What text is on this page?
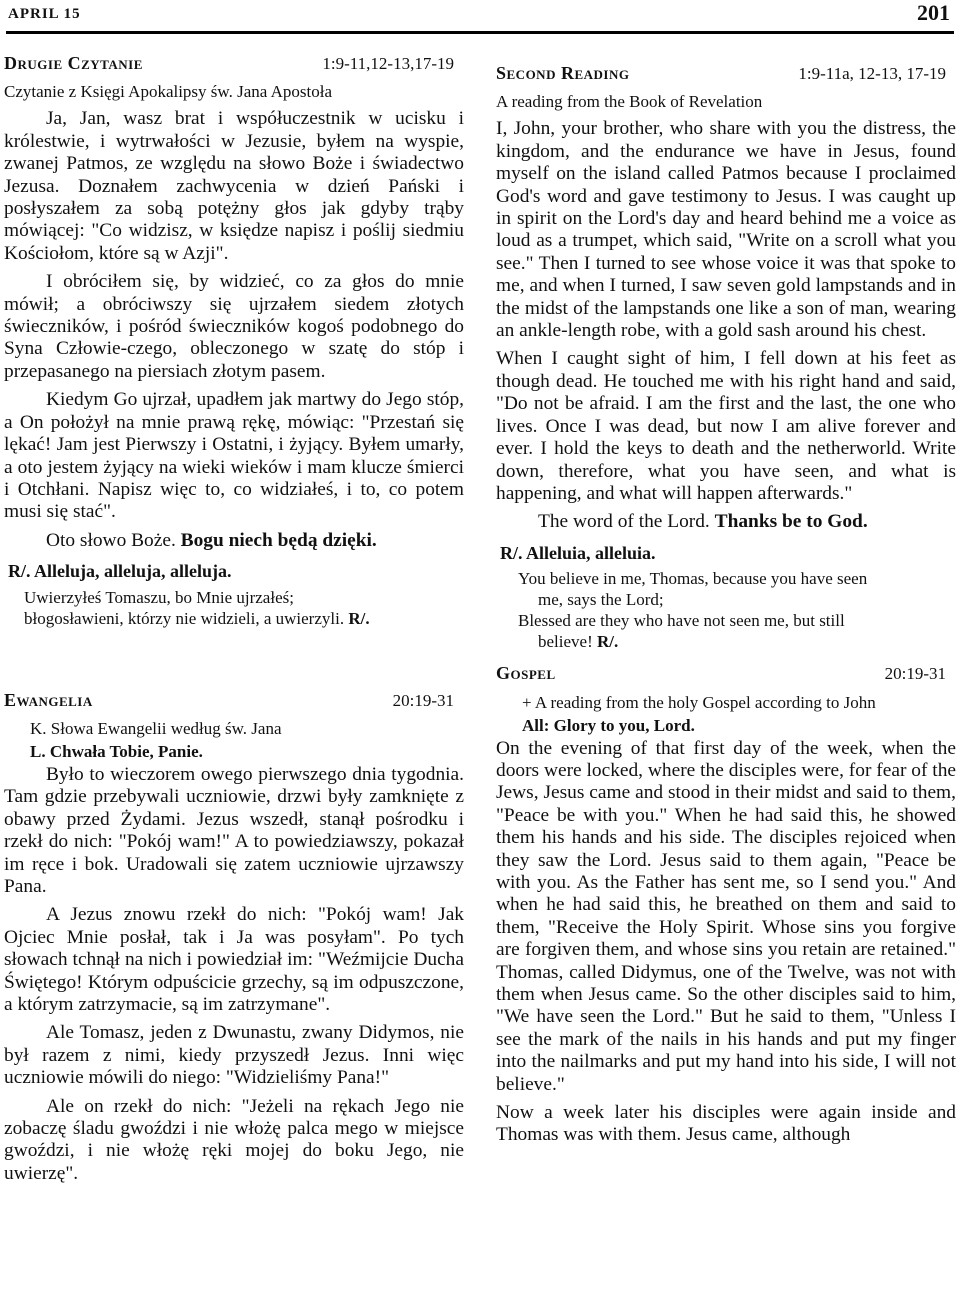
APRIL 15	201
Drugie Czytanie	1:9-11,12-13,17-19
Czytanie z Księgi Apokalipsy św. Jana Apostoła

Ja, Jan, wasz brat i współuczestnik w ucisku i królestwie, i wytrwałości w Jezusie, byłem na wyspie, zwanej Patmos, ze względu na słowo Boże i świadectwo Jezusa. Doznałem zachwycenia w dzień Pański i posłyszałem za sobą potężny głos jak gdyby trąby mówiącej: "Co widzisz, w księdze napisz i poślij siedmiu Kościołom, które są w Azji".

I obróciłem się, by widzieć, co za głos do mnie mówił; a obróciwszy się ujrzałem siedem złotych świeczników, i pośród świeczników kogoś podobnego do Syna Człowie-czego, obleczonego w szatę do stóp i przepasanego na piersiach złotym pasem.

Kiedym Go ujrzał, upadłem jak martwy do Jego stóp, a On położył na mnie prawą rękę, mówiąc: "Przestań się lękać! Jam jest Pierwszy i Ostatni, i żyjący. Byłem umarły, a oto jestem żyjący na wieki wieków i mam klucze śmierci i Otchłani. Napisz więc to, co widziałeś, i to, co potem musi się stać".

Oto słowo Boże. Bogu niech będą dzięki.
R/. Alleluja, alleluja, alleluja.
Uwierzyłeś Tomaszu, bo Mnie ujrzałeś;
błogosławieni, którzy nie widzieli, a uwierzyli. R/.
Ewangelia	20:19-31
K. Słowa Ewangelii według św. Jana
L. Chwała Tobie, Panie.

Było to wieczorem owego pierwszego dnia tygodnia. Tam gdzie przebywali uczniowie, drzwi były zamknięte z obawy przed Żydami. Jezus wszedł, stanął pośrodku i rzekł do nich: "Pokój wam!" A to powiedziawszy, pokazał im ręce i bok. Uradowali się zatem uczniowie ujrzawszy Pana.

A Jezus znowu rzekł do nich: "Pokój wam! Jak Ojciec Mnie posłał, tak i Ja was posyłam". Po tych słowach tchnął na nich i powiedział im: "Weźmijcie Ducha Świętego! Którym odpuścicie grzechy, są im odpuszczone, a którym zatrzymacie, są im zatrzymane".

Ale Tomasz, jeden z Dwunastu, zwany Didymos, nie był razem z nimi, kiedy przyszedł Jezus. Inni więc uczniowie mówili do niego: "Widzieliśmy Pana!"

Ale on rzekł do nich: "Jeżeli na rękach Jego nie zobaczę śladu gwoździ i nie włożę palca mego w miejsce gwoździ, i nie włożę ręki mojej do boku Jego, nie uwierzę".

Second Reading	1:9-11a, 12-13, 17-19
A reading from the Book of Revelation

I, John, your brother, who share with you the distress, the kingdom, and the endurance we have in Jesus, found myself on the island called Patmos because I proclaimed God's word and gave testimony to Jesus. I was caught up in spirit on the Lord's day and heard behind me a voice as loud as a trumpet, which said, "Write on a scroll what you see." Then I turned to see whose voice it was that spoke to me, and when I turned, I saw seven gold lampstands and in the midst of the lampstands one like a son of man, wearing an ankle-length robe, with a gold sash around his chest.

When I caught sight of him, I fell down at his feet as though dead. He touched me with his right hand and said, "Do not be afraid. I am the first and the last, the one who lives. Once I was dead, but now I am alive forever and ever. I hold the keys to death and the netherworld. Write down, therefore, what you have seen, and what is happening, and what will happen afterwards."

The word of the Lord. Thanks be to God.
R/. Alleluia, alleluia.
You believe in me, Thomas, because you have seen
me, says the Lord;
Blessed are they who have not seen me, but still
believe! R/.
Gospel	20:19-31
+ A reading from the holy Gospel according to John
All: Glory to you, Lord.

On the evening of that first day of the week, when the doors were locked, where the disciples were, for fear of the Jews, Jesus came and stood in their midst and said to them, "Peace be with you." When he had said this, he showed them his hands and his side. The disciples rejoiced when they saw the Lord. Jesus said to them again, "Peace be with you. As the Father has sent me, so I send you." And when he had said this, he breathed on them and said to them, "Receive the Holy Spirit. Whose sins you forgive are forgiven them, and whose sins you retain are retained." Thomas, called Didymus, one of the Twelve, was not with them when Jesus came. So the other disciples said to him, "We have seen the Lord." But he said to them, "Unless I see the mark of the nails in his hands and put my finger into the nailmarks and put my hand into his side, I will not believe."

Now a week later his disciples were again inside and Thomas was with them. Jesus came, although
